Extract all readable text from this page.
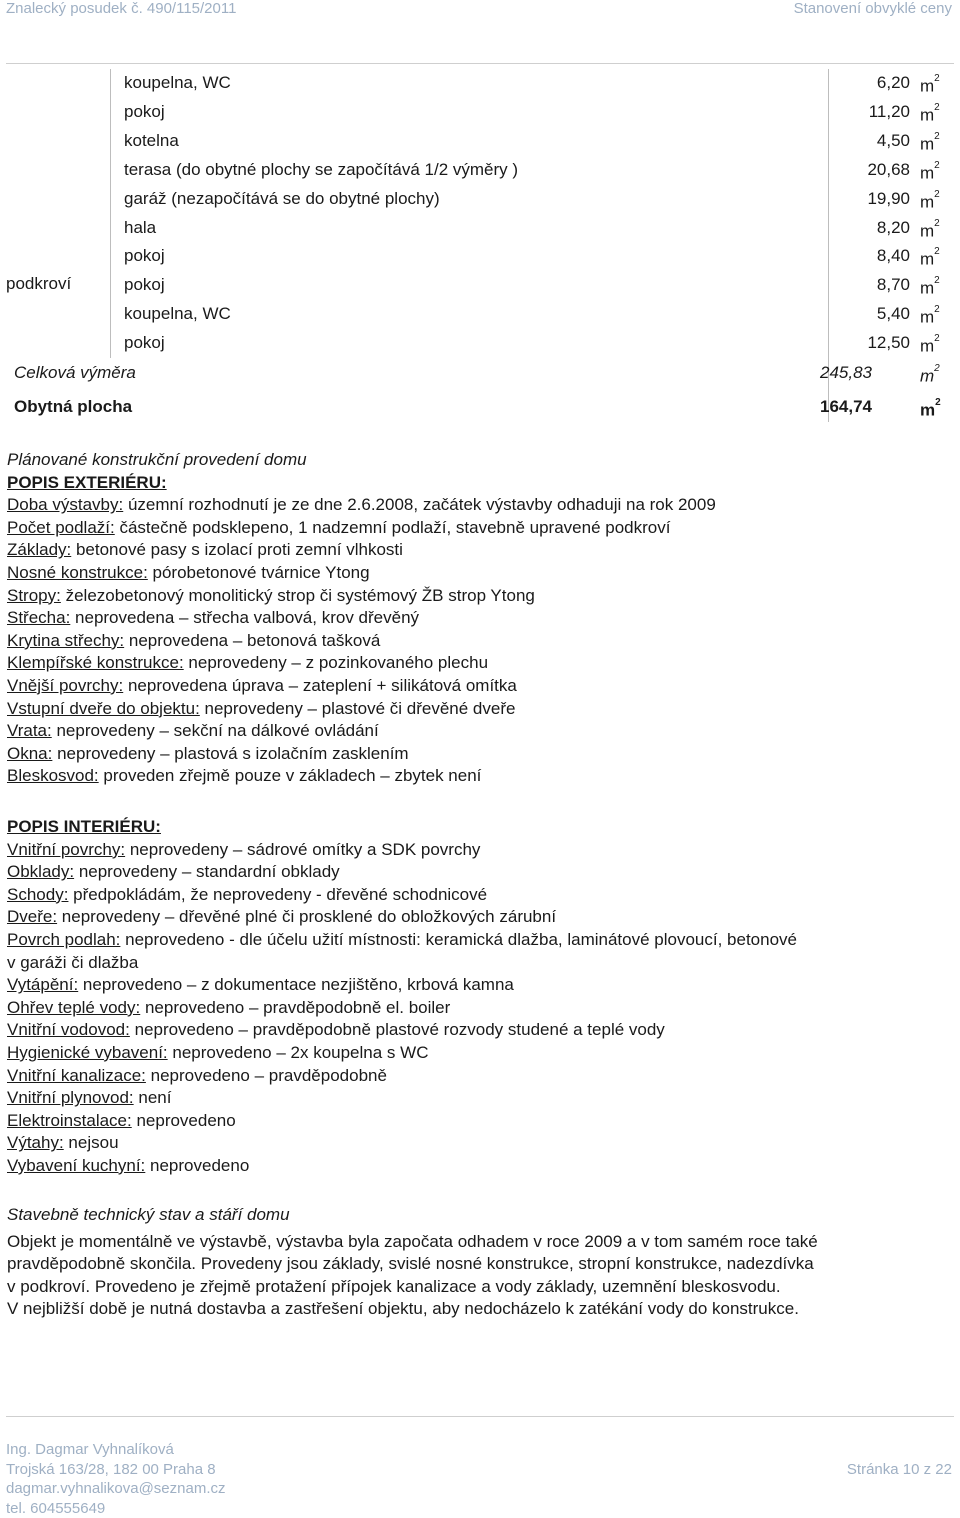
Znalecký posudek č. 490/115/2011	Stanovení obvyklé ceny
koupelna, WC	6,20 $m^2$
pokoj	11,20 $m^2$
kotelna	4,50 $m^2$
terasa (do obytné plochy se započítává 1/2 výměry )	20,68 $m^2$
garáž (nezapočítává se do obytné plochy)	19,90 $m^2$
hala	8,20 $m^2$
pokoj	8,40 $m^2$
pokoj	8,70 $m^2$
koupelna, WC	5,40 $m^2$
pokoj	12,50 $m^2$
podkroví
Celková výměra	245,83	$m^2$
Obytná plocha	164,74	$m^2$
Plánované konstrukční provedení domu
POPIS EXTERIÉRU:
Doba výstavby: územní rozhodnutí je ze dne 2.6.2008, začátek výstavby odhaduji na rok 2009
Počet podlaží: částečně podsklepeno, 1 nadzemní podlaží, stavebně upravené podkroví
Základy: betonové pasy s izolací proti zemní vlhkosti
Nosné konstrukce: pórobetonové tvárnice Ytong
Stropy: železobetonový monolitický strop či systémový ŽB strop Ytong
Střecha: neprovedena – střecha valbová, krov dřevěný
Krytina střechy: neprovedena – betonová tašková
Klempířské konstrukce: neprovedeny – z pozinkovaného plechu
Vnější povrchy: neprovedena úprava – zateplení + silikátová omítka
Vstupní dveře do objektu: neprovedeny – plastové či dřevěné dveře
Vrata: neprovedeny – sekční na dálkové ovládání
Okna: neprovedeny – plastová s izolačním zasklením
Bleskosvod: proveden zřejmě pouze v základech – zbytek není
POPIS INTERIÉRU:
Vnitřní povrchy: neprovedeny – sádrové omítky a SDK povrchy
Obklady: neprovedeny – standardní obklady
Schody: předpokládám, že neprovedeny - dřevěné schodnicové
Dveře: neprovedeny – dřevěné plné či prosklené do obložkových zárubní
Povrch podlah: neprovedeno - dle účelu užití místnosti: keramická dlažba, laminátové plovoucí, betonové
v garáži či dlažba
Vytápění: neprovedeno – z dokumentace nezjištěno, krbová kamna
Ohřev teplé vody: neprovedeno – pravděpodobně el. boiler
Vnitřní vodovod: neprovedeno – pravděpodobně plastové rozvody studené a teplé vody
Hygienické vybavení: neprovedeno – 2x koupelna s WC
Vnitřní kanalizace: neprovedeno – pravděpodobně
Vnitřní plynovod: není
Elektroinstalace: neprovedeno
Výtahy: nejsou
Vybavení kuchyní: neprovedeno
Stavebně technický stav a stáří domu
Objekt je momentálně ve výstavbě, výstavba byla započata odhadem v roce 2009 a v tom samém roce také
pravděpodobně skončila. Provedeny jsou základy, svislé nosné konstrukce, stropní konstrukce, nadezdívka
v podkroví. Provedeno je zřejmě protažení přípojek kanalizace a vody základy, uzemnění bleskosvodu.
V nejbližší době je nutná dostavba a zastřešení objektu, aby nedocházelo k zatékání vody do konstrukce.
Ing. Dagmar Vyhnalíková
Trojská 163/28, 182 00 Praha 8
dagmar.vyhnalikova@seznam.cz
tel. 604555649
Stránka 10 z 22
